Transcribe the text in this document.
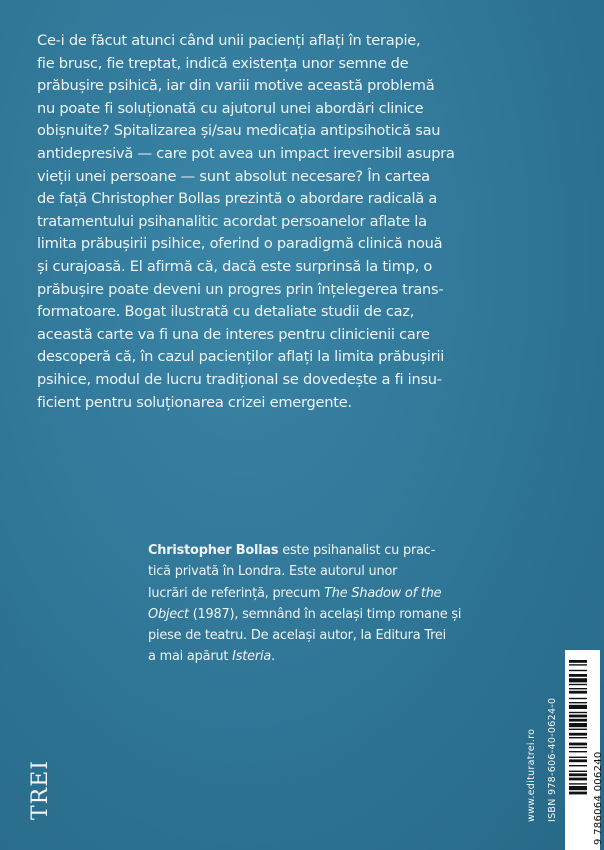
Ce-i de făcut atunci când unii pacienți aflați în terapie,
fie brusc, fie treptat, indică existența unor semne de
prăbușire psihică, iar din variii motive această problemă
nu poate fi soluționată cu ajutorul unei abordări clinice
obișnuite? Spitalizarea și/sau medicația antipsihotică sau
antidepresivă — care pot avea un impact ireversibil asupra
vieții unei persoane — sunt absolut necesare? În cartea
de față Christopher Bollas prezintă o abordare radicală a
tratamentului psihanalitic acordat persoanelor aflate la
limita prăbușirii psihice, oferind o paradigmă clinică nouă
și curajoasă. El afirmă că, dacă este surprinsă la timp, o
prăbușire poate deveni un progres prin înțelegerea trans-
formatoare. Bogat ilustrată cu detaliate studii de caz,
această carte va fi una de interes pentru clinicienii care
descoperă că, în cazul pacienților aflați la limita prăbușirii
psihice, modul de lucru tradițional se dovedește a fi insu-
ficient pentru soluționarea crizei emergente.
Christopher Bollas este psihanalist cu prac-
tică privată în Londra. Este autorul unor
lucrări de referință, precum The Shadow of the
Object (1987), semnând în același timp romane și
piese de teatru. De același autor, la Editura Trei
a mai apărut Isteria.
TREI	www.edituratrei.ro ISBN 978-606-40-0624-0	9 786064 006240
